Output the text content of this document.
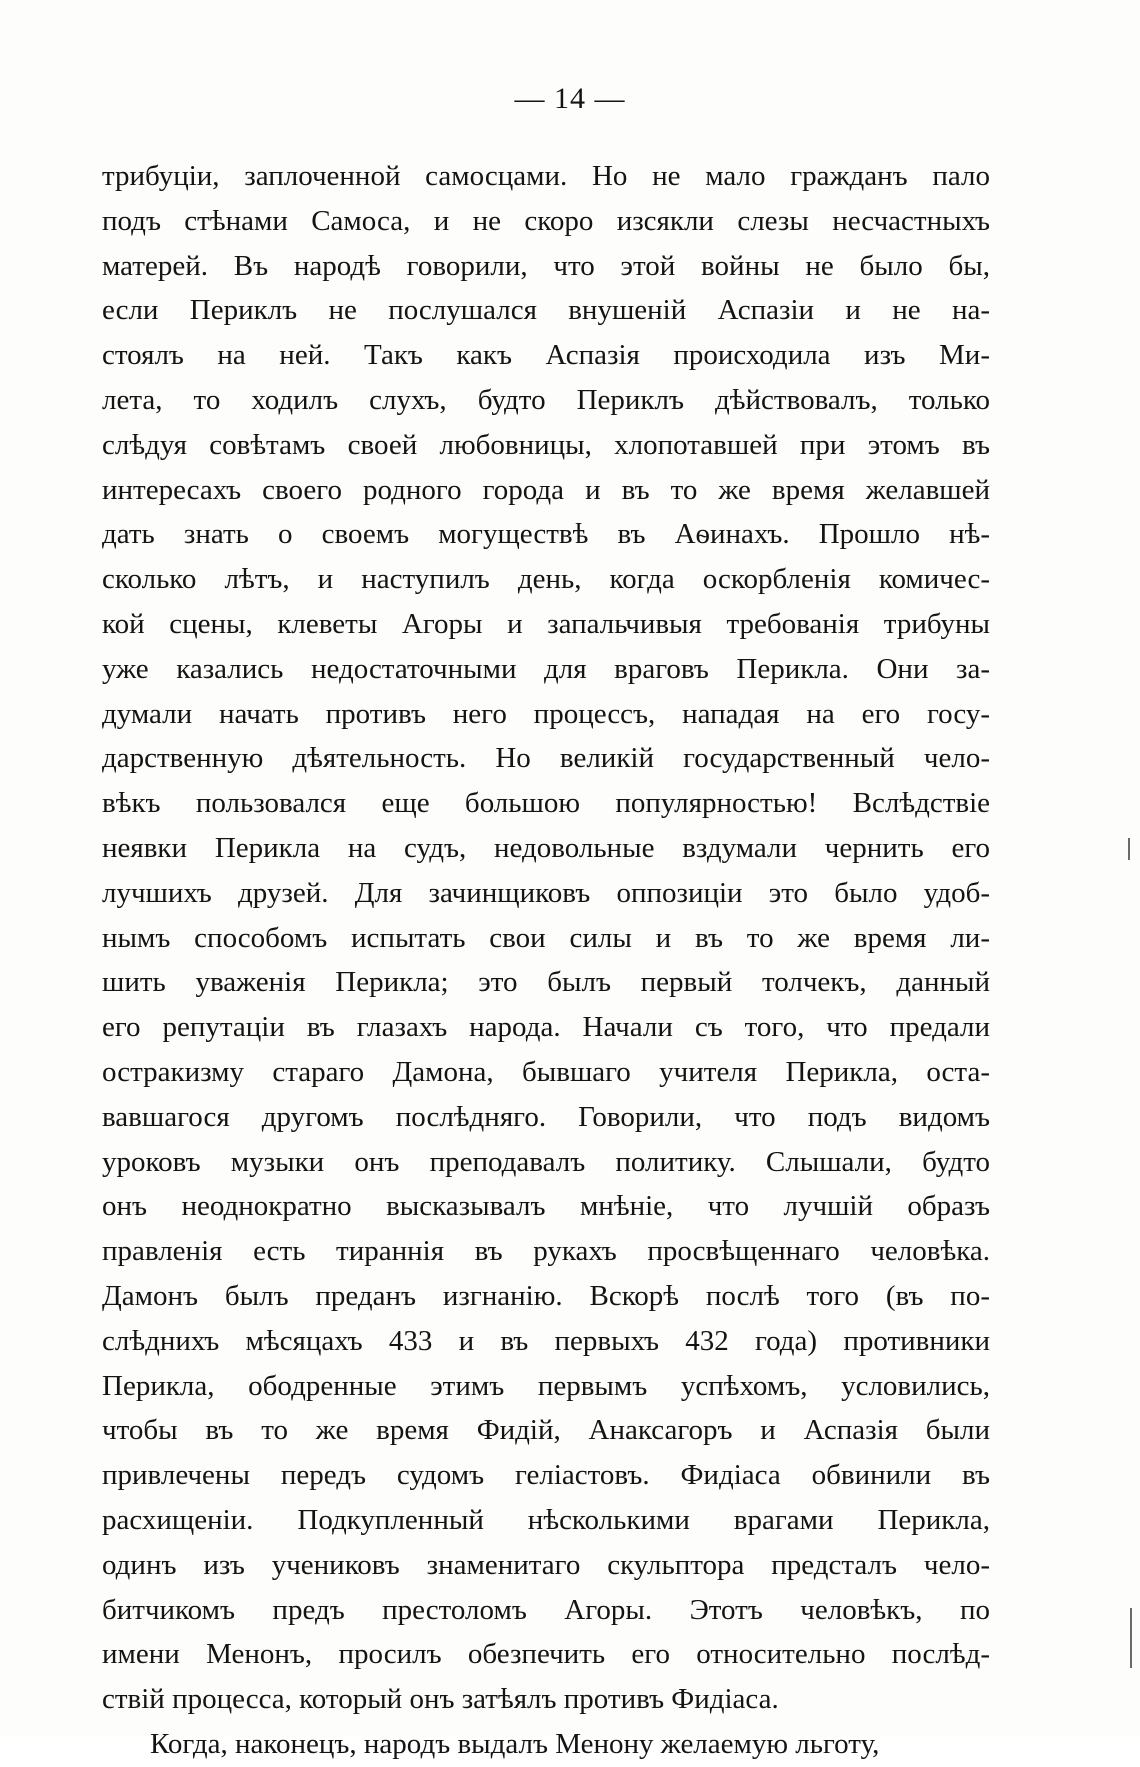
— 14 —
трибуціи, заплоченной самосцами. Но не мало гражданъ пало
подъ стѣнами Самоса, и не скоро изсякли слезы несчастныхъ
матерей. Въ народѣ говорили, что этой войны не было бы,
если Периклъ не послушался внушеній Аспазіи и не на-
стоялъ на ней. Такъ какъ Аспазія происходила изъ Ми-
лета, то ходилъ слухъ, будто Периклъ дѣйствовалъ, только
слѣдуя совѣтамъ своей любовницы, хлопотавшей при этомъ въ
интересахъ своего родного города и въ то же время желавшей
дать знать о своемъ могуществѣ въ Аѳинахъ. Прошло нѣ-
сколько лѣтъ, и наступилъ день, когда оскорбленія комичес-
кой сцены, клеветы Агоры и запальчивыя требованія трибуны
уже казались недостаточными для враговъ Перикла. Они за-
думали начать противъ него процессъ, нападая на его госу-
дарственную дѣятельность. Но великій государственный чело-
вѣкъ пользовался еще большою популярностью! Вслѣдствіе
неявки Перикла на судъ, недовольные вздумали чернить его
лучшихъ друзей. Для зачинщиковъ оппозиціи это было удоб-
нымъ способомъ испытать свои силы и въ то же время ли-
шить уваженія Перикла; это былъ первый толчекъ, данный
его репутаціи въ глазахъ народа. Начали съ того, что предали
остракизму стараго Дамона, бывшаго учителя Перикла, оста-
вавшагося другомъ послѣдняго. Говорили, что подъ видомъ
уроковъ музыки онъ преподавалъ политику. Слышали, будто
онъ неоднократно высказывалъ мнѣніе, что лучшій образъ
правленія есть тираннія въ рукахъ просвѣщеннаго человѣка.
Дамонъ былъ преданъ изгнанію. Вскорѣ послѣ того (въ по-
слѣднихъ мѣсяцахъ 433 и въ первыхъ 432 года) противники
Перикла, ободренные этимъ первымъ успѣхомъ, условились,
чтобы въ то же время Фидій, Анаксагоръ и Аспазія были
привлечены передъ судомъ геліастовъ. Фидіаса обвинили въ
расхищеніи. Подкупленный нѣсколькими врагами Перикла,
одинъ изъ учениковъ знаменитаго скульптора предсталъ чело-
битчикомъ предъ престоломъ Агоры. Этотъ человѣкъ, по
имени Менонъ, просилъ обезпечить его относительно послѣд-
ствій процесса, который онъ затѣялъ противъ Фидіаса.
Когда, наконецъ, народъ выдалъ Менону желаемую льготу,
